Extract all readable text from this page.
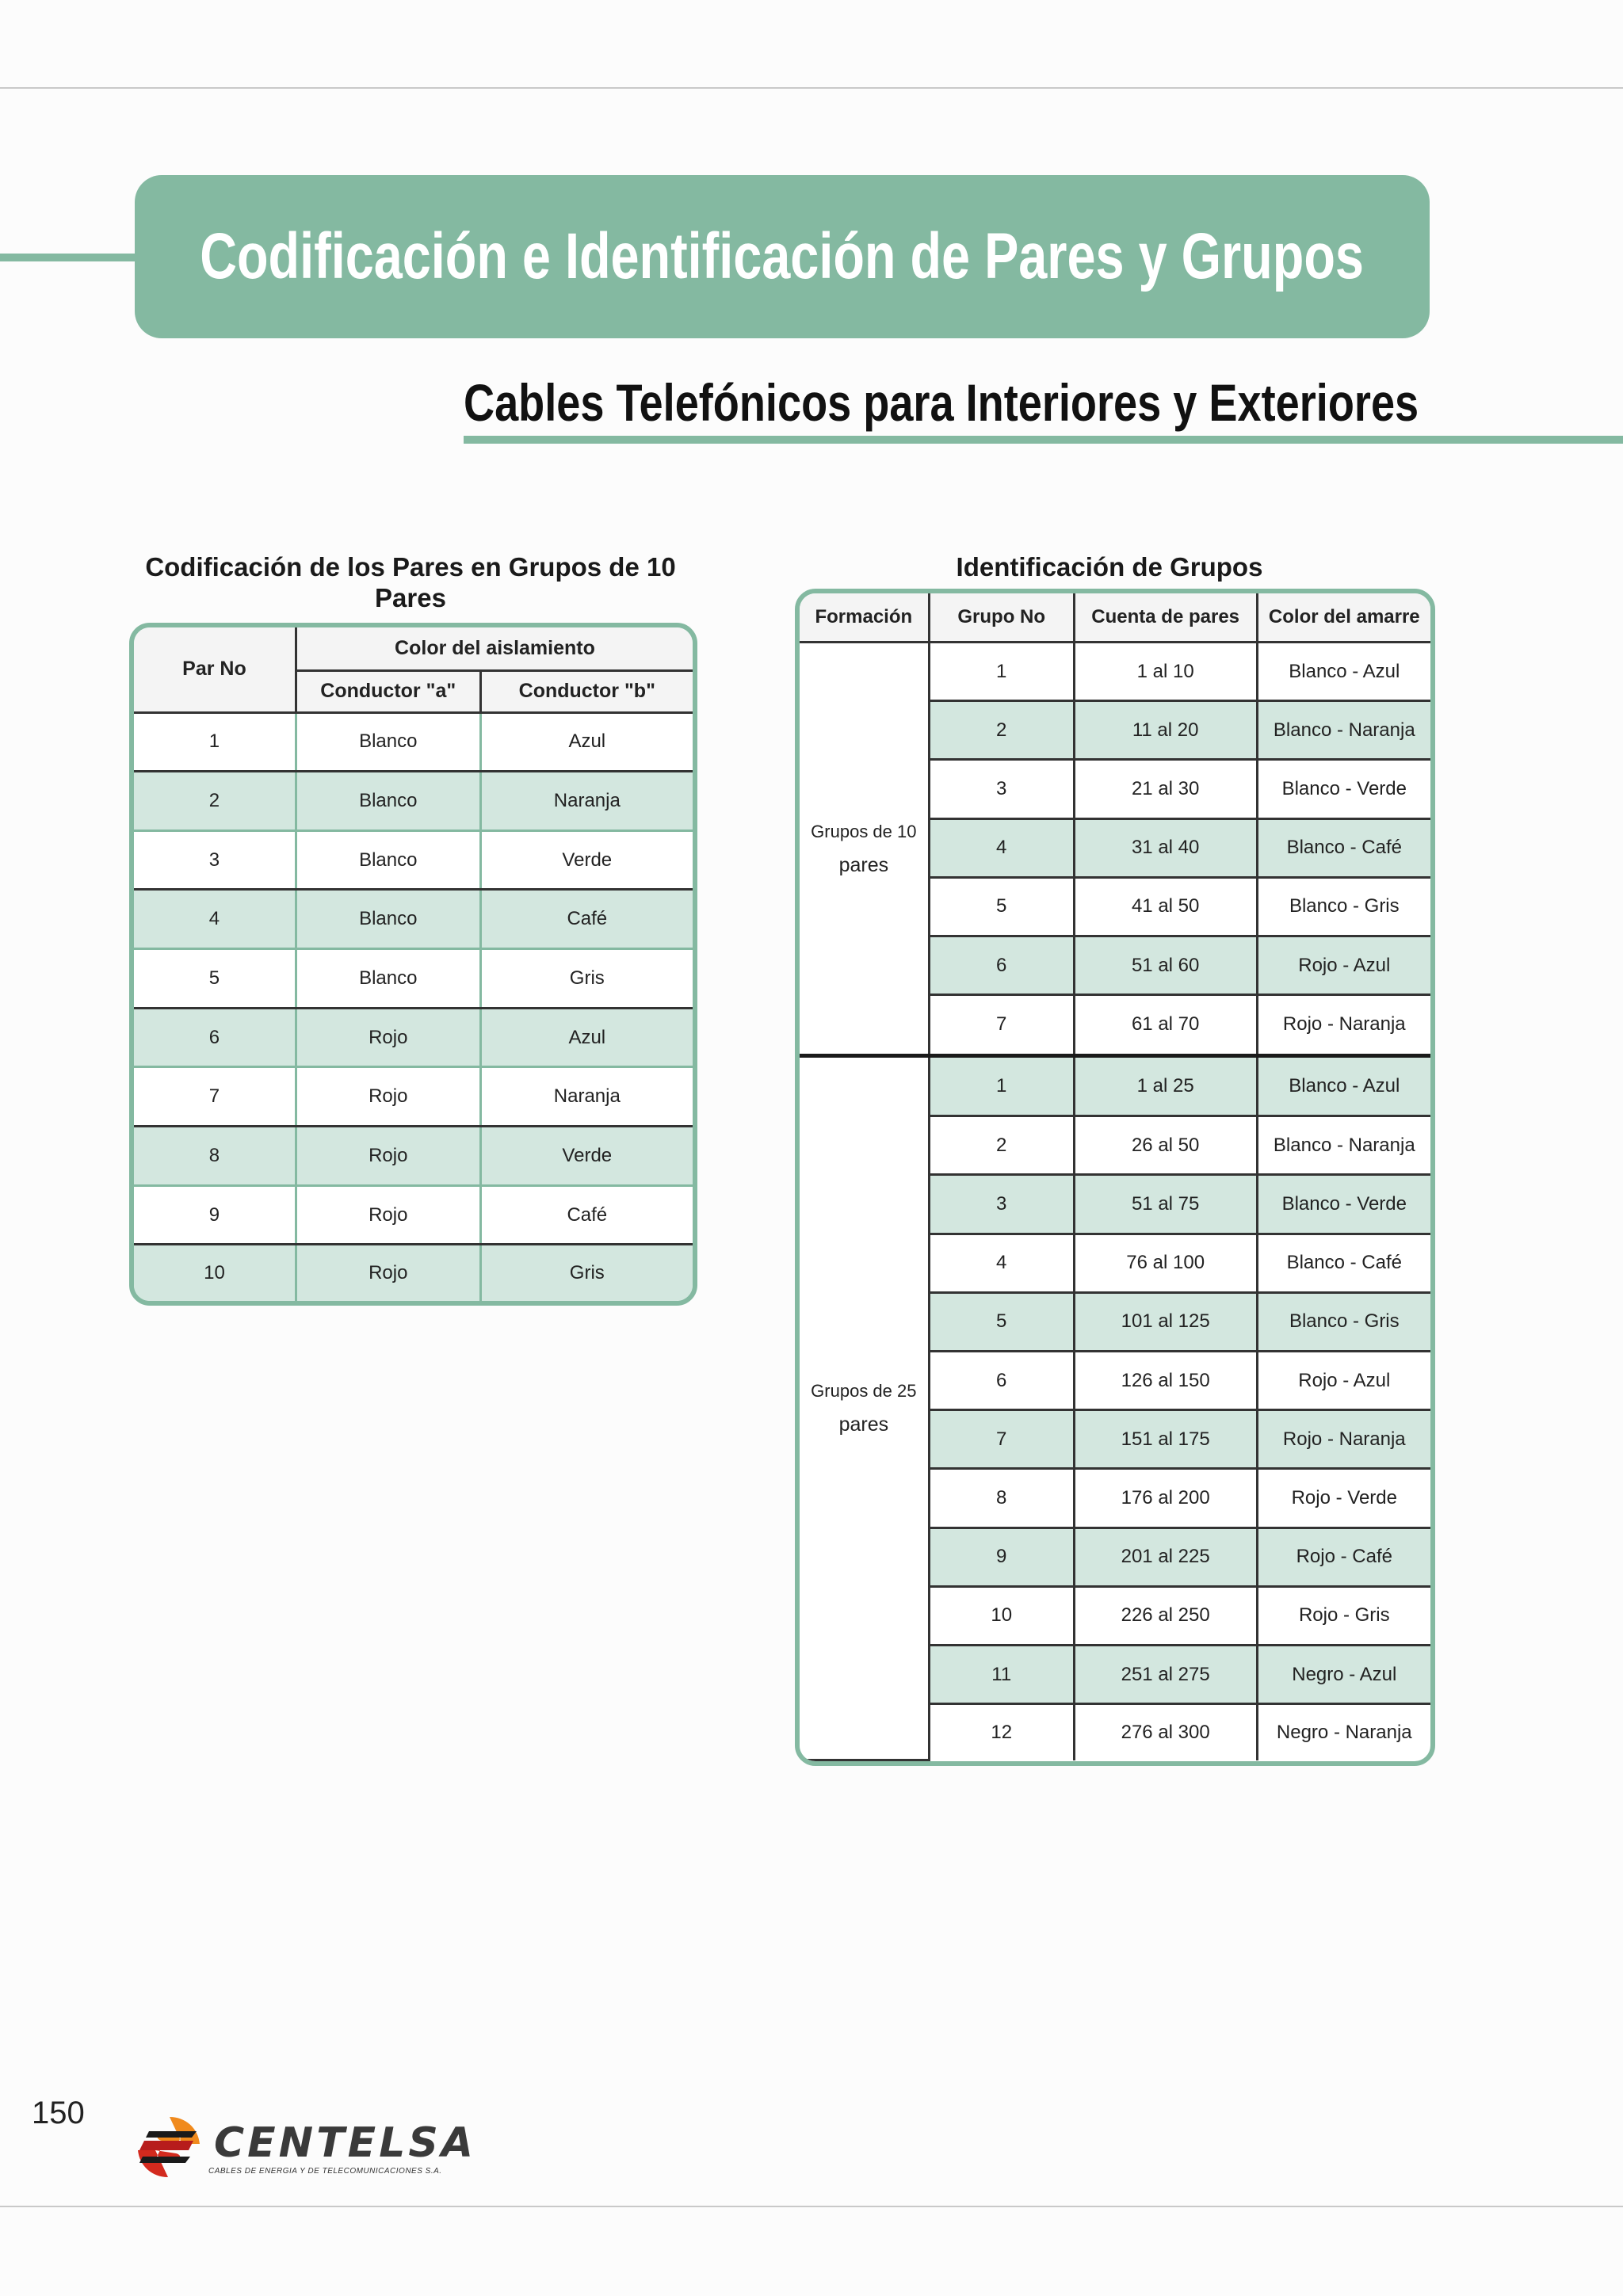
Codificación e Identificación de Pares y Grupos
Cables Telefónicos para Interiores y Exteriores
Codificación de los Pares en Grupos de 10 Pares
Identificación de Grupos
Par No	Color del aislamiento	
	Conductor "a"	Conductor "b"
1	Blanco	Azul
2	Blanco	Naranja
3	Blanco	Verde
4	Blanco	Café
5	Blanco	Gris
6	Rojo	Azul
7	Rojo	Naranja
8	Rojo	Verde
9	Rojo	Café
10	Rojo	Gris
Formación	Grupo No	Cuenta de pares	Color del amarre

Grupos de 10
pares	1	1 al 10	Blanco - Azul
	2	11 al 20	Blanco - Naranja
	3	21 al 30	Blanco - Verde
	4	31 al 40	Blanco - Café
	5	41 al 50	Blanco - Gris
	6	51 al 60	Rojo - Azul
	7	61 al 70	Rojo - Naranja

Grupos de 25
pares	1	1 al 25	Blanco - Azul
	2	26 al 50	Blanco - Naranja
	3	51 al 75	Blanco - Verde
	4	76 al 100	Blanco - Café
	5	101 al 125	Blanco - Gris
	6	126 al 150	Rojo - Azul
	7	151 al 175	Rojo - Naranja
	8	176 al 200	Rojo - Verde
	9	201 al 225	Rojo - Café
	10	226 al 250	Rojo - Gris
	11	251 al 275	Negro - Azul
	12	276 al 300	Negro - Naranja
150
CENTELSA
CABLES DE ENERGIA Y DE TELECOMUNICACIONES S.A.
